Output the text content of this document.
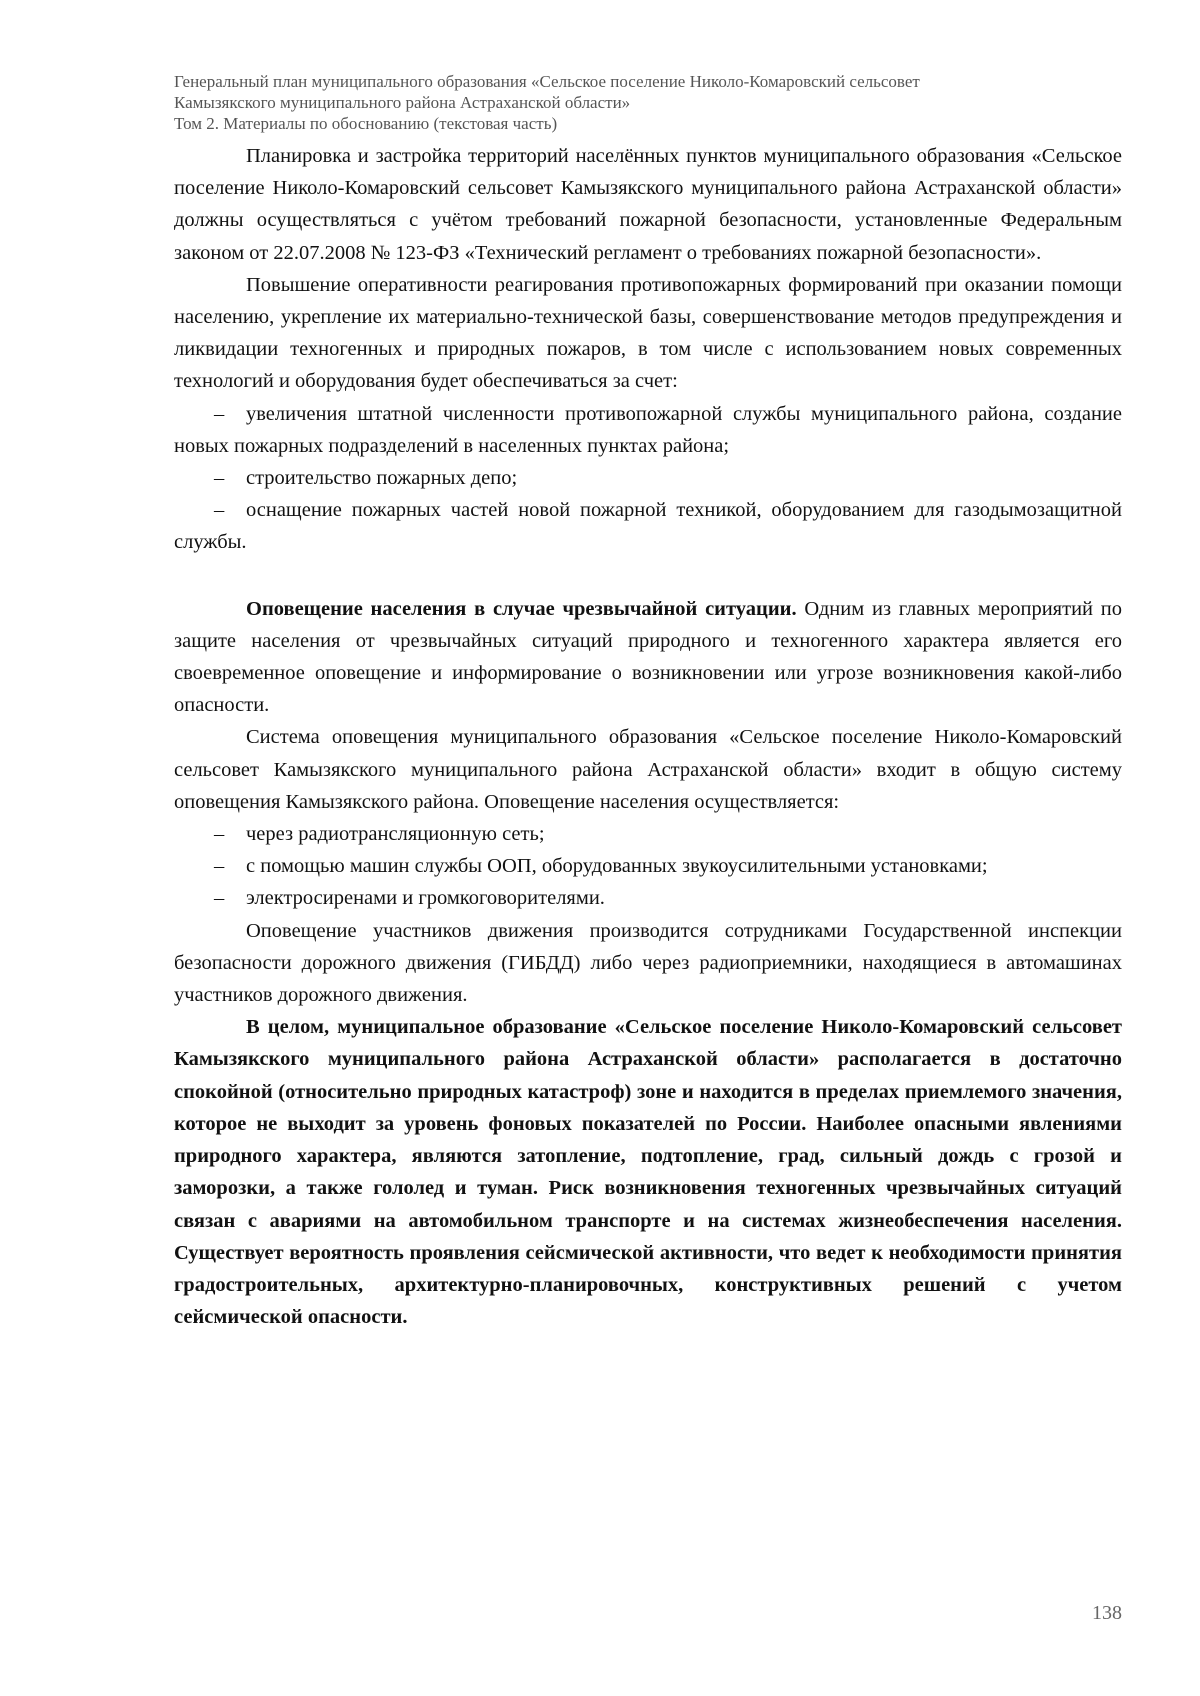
Генеральный план муниципального образования «Сельское поселение Николо-Комаровский сельсовет
Камызякского муниципального района Астраханской области»
Том 2. Материалы по обоснованию (текстовая часть)

Планировка и застройка территорий населённых пунктов муниципального образования «Сельское поселение Николо-Комаровский сельсовет Камызякского муниципального района Астраханской области» должны осуществляться с учётом требований пожарной безопасности, установленные Федеральным законом от 22.07.2008 № 123-ФЗ «Технический регламент о требованиях пожарной безопасности».

Повышение оперативности реагирования противопожарных формирований при оказании помощи населению, укрепление их материально-технической базы, совершенствование методов предупреждения и ликвидации техногенных и природных пожаров, в том числе с использованием новых современных технологий и оборудования будет обеспечиваться за счет:

– увеличения штатной численности противопожарной службы муниципального района, создание новых пожарных подразделений в населенных пунктах района;

– строительство пожарных депо;

– оснащение пожарных частей новой пожарной техникой, оборудованием для газодымозащитной службы.

Оповещение населения в случае чрезвычайной ситуации. Одним из главных мероприятий по защите населения от чрезвычайных ситуаций природного и техногенного характера является его своевременное оповещение и информирование о возникновении или угрозе возникновения какой-либо опасности.

Система оповещения муниципального образования «Сельское поселение Николо-Комаровский сельсовет Камызякского муниципального района Астраханской области» входит в общую систему оповещения Камызякского района. Оповещение населения осуществляется:

– через радиотрансляционную сеть;

– с помощью машин службы ООП, оборудованных звукоусилительными установками;

– электросиренами и громкоговорителями.

Оповещение участников движения производится сотрудниками Государственной инспекции безопасности дорожного движения (ГИБДД) либо через радиоприемники, находящиеся в автомашинах участников дорожного движения.

В целом, муниципальное образование «Сельское поселение Николо-Комаровский сельсовет Камызякского муниципального района Астраханской области» располагается в достаточно спокойной (относительно природных катастроф) зоне и находится в пределах приемлемого значения, которое не выходит за уровень фоновых показателей по России. Наиболее опасными явлениями природного характера, являются затопление, подтопление, град, сильный дождь с грозой и заморозки, а также гололед и туман. Риск возникновения техногенных чрезвычайных ситуаций связан с авариями на автомобильном транспорте и на системах жизнеобеспечения населения. Существует вероятность проявления сейсмической активности, что ведет к необходимости принятия градостроительных, архитектурно-планировочных, конструктивных решений с учетом сейсмической опасности.

138
